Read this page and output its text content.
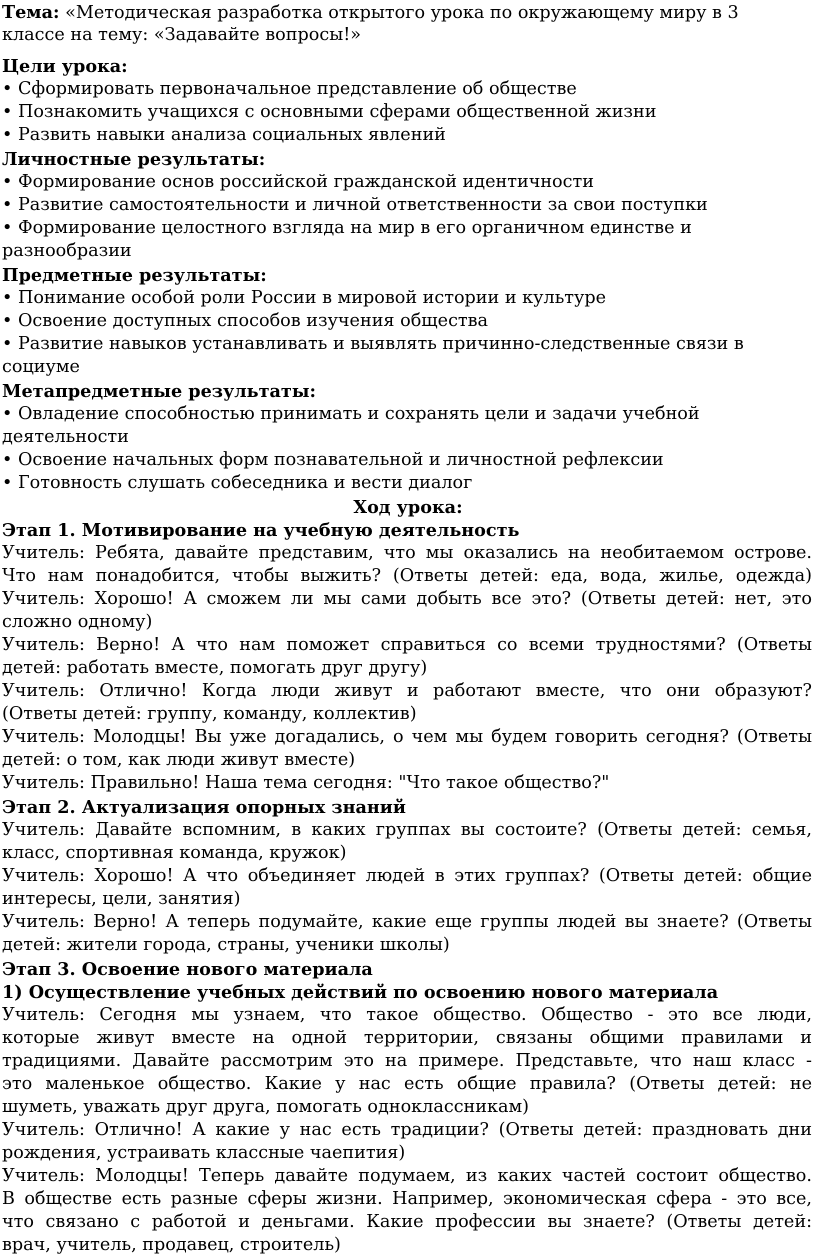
Тема: «Методическая разработка открытого урока по окружающему миру в 3
классе на тему: «Задавайте вопросы!»
Цели урока:
• Сформировать первоначальное представление об обществе
• Познакомить учащихся с основными сферами общественной жизни
• Развить навыки анализа социальных явлений
Личностные результаты:
• Формирование основ российской гражданской идентичности
• Развитие самостоятельности и личной ответственности за свои поступки
• Формирование целостного взгляда на мир в его органичном единстве и
разнообразии
Предметные результаты:
• Понимание особой роли России в мировой истории и культуре
• Освоение доступных способов изучения общества
• Развитие навыков устанавливать и выявлять причинно-следственные связи в
социуме
Метапредметные результаты:
• Овладение способностью принимать и сохранять цели и задачи учебной
деятельности
• Освоение начальных форм познавательной и личностной рефлексии
• Готовность слушать собеседника и вести диалог
Ход урока:
Этап 1. Мотивирование на учебную деятельность
Учитель: Ребята, давайте представим, что мы оказались на необитаемом острове.
Что нам понадобится, чтобы выжить? (Ответы детей: еда, вода, жилье, одежда)
Учитель: Хорошо! А сможем ли мы сами добыть все это? (Ответы детей: нет, это
сложно одному)
Учитель: Верно! А что нам поможет справиться со всеми трудностями? (Ответы
детей: работать вместе, помогать друг другу)
Учитель: Отлично! Когда люди живут и работают вместе, что они образуют?
(Ответы детей: группу, команду, коллектив)
Учитель: Молодцы! Вы уже догадались, о чем мы будем говорить сегодня? (Ответы
детей: о том, как люди живут вместе)
Учитель: Правильно! Наша тема сегодня: "Что такое общество?"
Этап 2. Актуализация опорных знаний
Учитель: Давайте вспомним, в каких группах вы состоите? (Ответы детей: семья,
класс, спортивная команда, кружок)
Учитель: Хорошо! А что объединяет людей в этих группах? (Ответы детей: общие
интересы, цели, занятия)
Учитель: Верно! А теперь подумайте, какие еще группы людей вы знаете? (Ответы
детей: жители города, страны, ученики школы)
Этап 3. Освоение нового материала
1) Осуществление учебных действий по освоению нового материала
Учитель: Сегодня мы узнаем, что такое общество. Общество - это все люди,
которые живут вместе на одной территории, связаны общими правилами и
традициями. Давайте рассмотрим это на примере. Представьте, что наш класс -
это маленькое общество. Какие у нас есть общие правила? (Ответы детей: не
шуметь, уважать друг друга, помогать одноклассникам)
Учитель: Отлично! А какие у нас есть традиции? (Ответы детей: праздновать дни
рождения, устраивать классные чаепития)
Учитель: Молодцы! Теперь давайте подумаем, из каких частей состоит общество.
В обществе есть разные сферы жизни. Например, экономическая сфера - это все,
что связано с работой и деньгами. Какие профессии вы знаете? (Ответы детей:
врач, учитель, продавец, строитель)
